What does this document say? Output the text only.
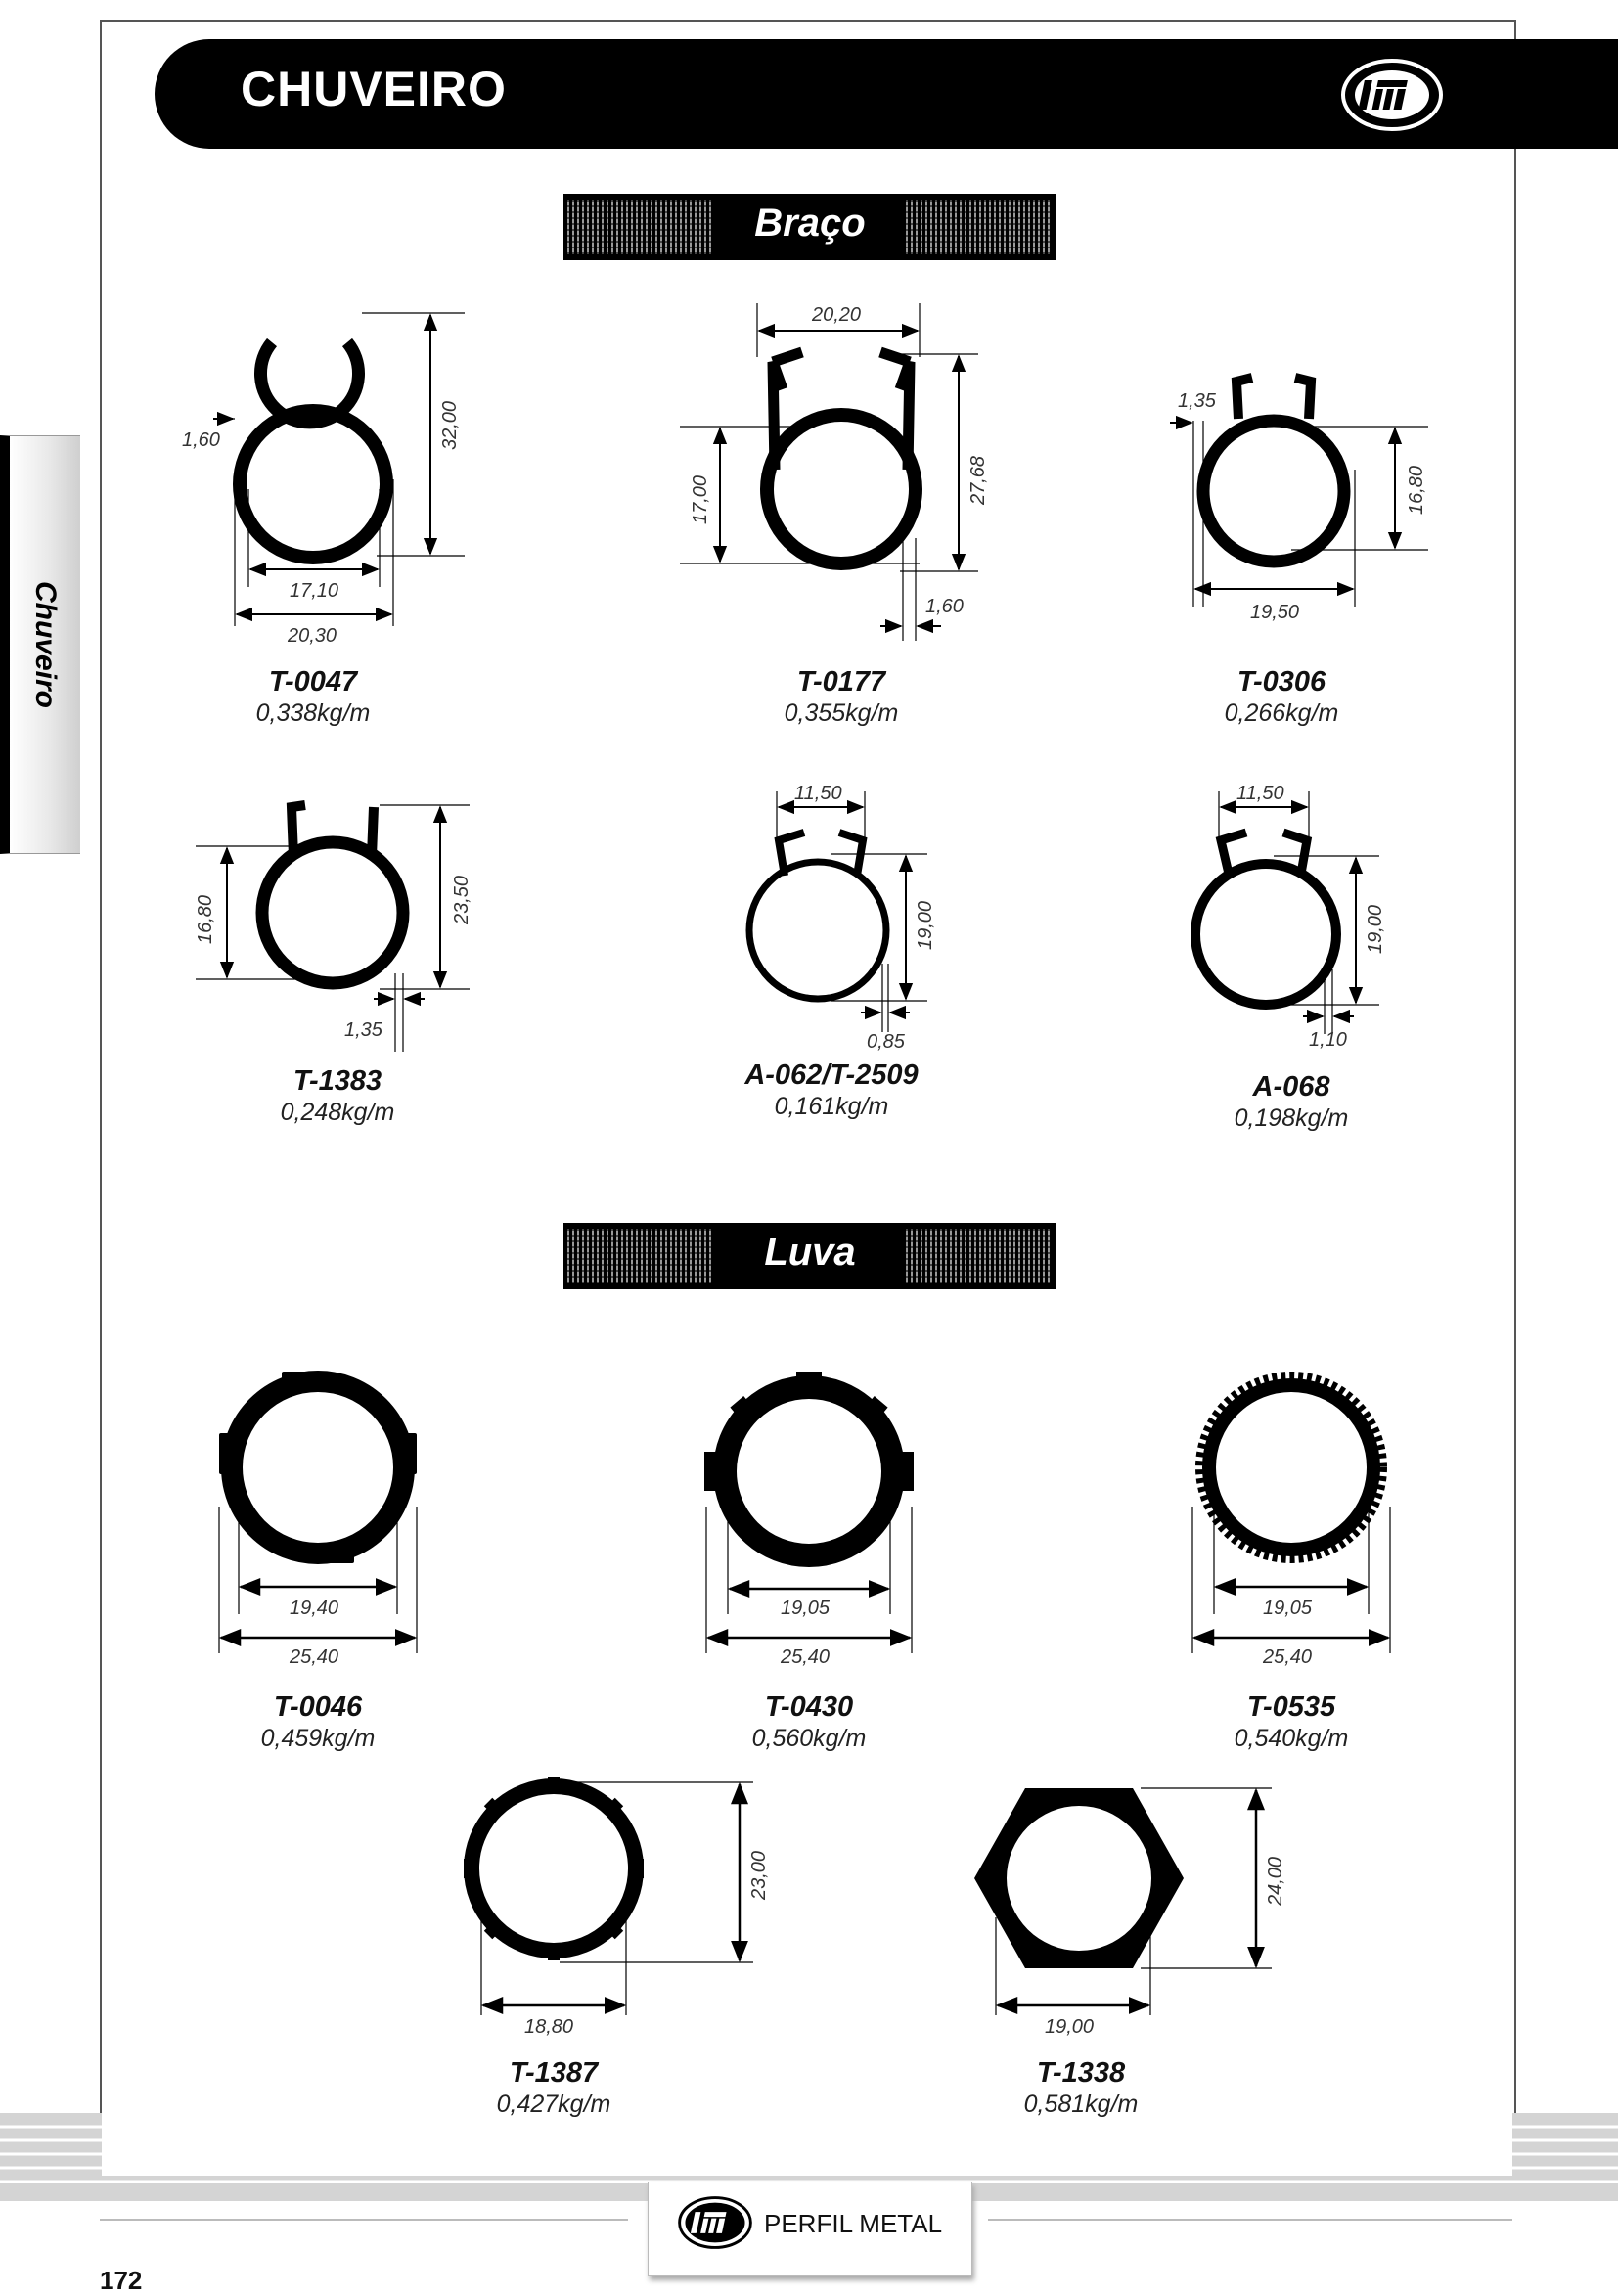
CHUVEIRO
Chuveiro
Braço
Luva
1,60	32,00
17,10
20,30
T-0047
0,338kg/m
20,20
17,00	27,68
1,60
T-0177
0,355kg/m
1,35
16,80
19,50
T-0306
0,266kg/m
16,80	23,50
1,35
T-1383
0,248kg/m
11,50
19,00
0,85
A-062/T-2509
0,161kg/m
11,50
19,00
1,10
A-068
0,198kg/m
19,40
25,40
T-0046
0,459kg/m
19,05
25,40
T-0430
0,560kg/m
19,05
25,40
T-0535
0,540kg/m
23,00
18,80
T-1387
0,427kg/m
24,00
19,00
T-1338
0,581kg/m
PERFIL METAL
172
